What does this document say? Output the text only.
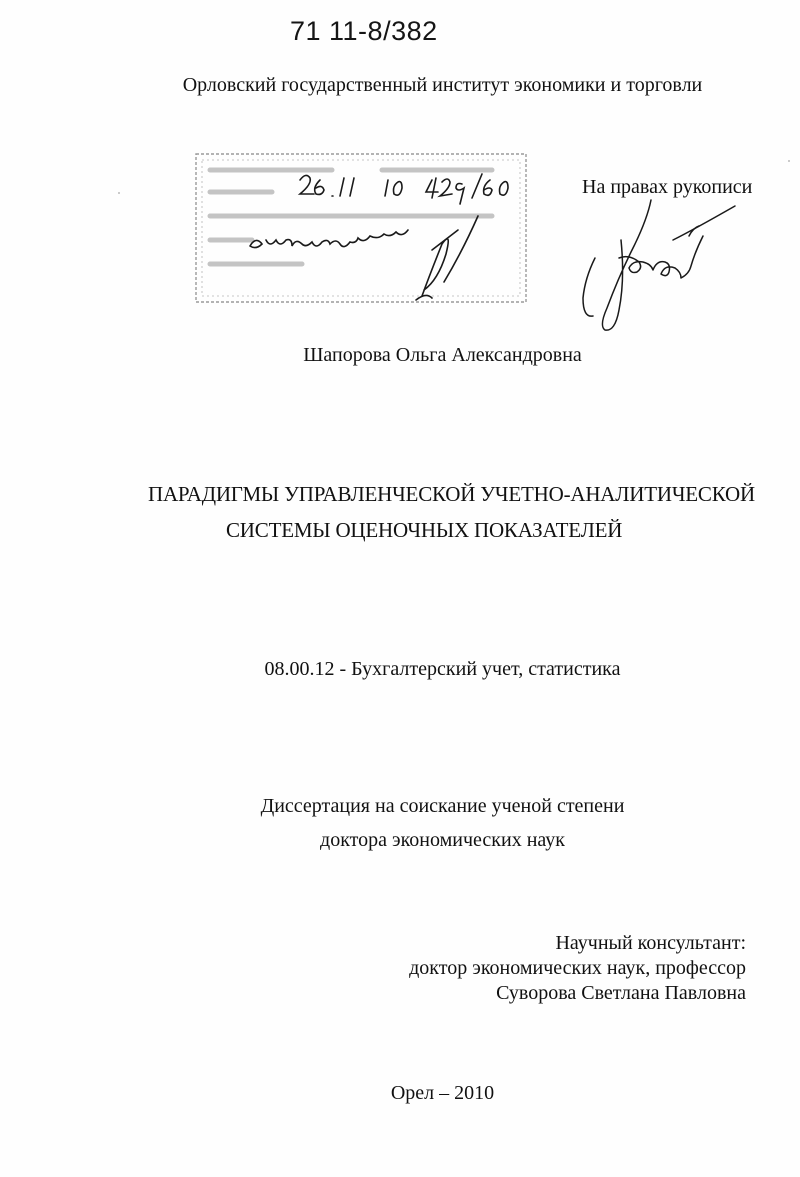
71 11-8/382
Орловский государственный институт экономики и торговли
На правах рукописи
Шапорова Ольга Александровна
ПАРАДИГМЫ УПРАВЛЕНЧЕСКОЙ УЧЕТНО-АНАЛИТИЧЕСКОЙ
СИСТЕМЫ ОЦЕНОЧНЫХ ПОКАЗАТЕЛЕЙ
08.00.12 - Бухгалтерский учет, статистика
Диссертация на соискание ученой степени
доктора экономических наук
Научный консультант:
доктор экономических наук, профессор
Суворова Светлана Павловна
Орел – 2010
